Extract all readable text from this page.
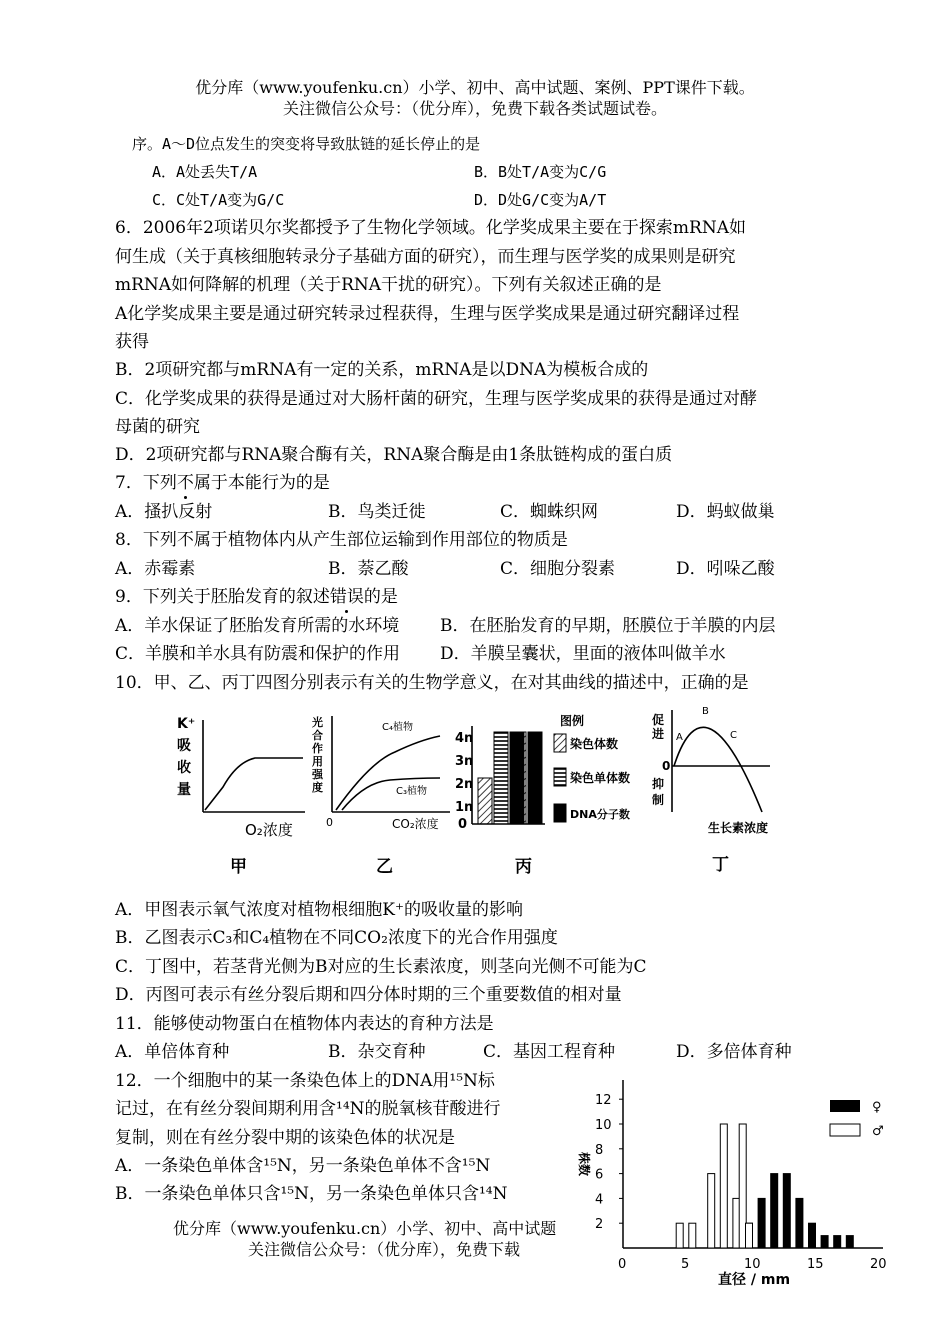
优分库（www.youfenku.cn）小学、初中、高中试题、案例、PPT课件下载。
关注微信公众号：（优分库），免费下载各类试题试卷。
序。A～D位点发生的突变将导致肽链的延长停止的是
A．A处丢失T/A	B．B处T/A变为C/G
C．C处T/A变为G/C	D．D处G/C变为A/T
6．2006年2项诺贝尔奖都授予了生物化学领域。化学奖成果主要在于探索mRNA如
何生成（关于真核细胞转录分子基础方面的研究），而生理与医学奖的成果则是研究
mRNA如何降解的机理（关于RNA干扰的研究）。下列有关叙述正确的是
A化学奖成果主要是通过研究转录过程获得，生理与医学奖成果是通过研究翻译过程
获得
B．2项研究都与mRNA有一定的关系，mRNA是以DNA为模板合成的
C．化学奖成果的获得是通过对大肠杆菌的研究，生理与医学奖成果的获得是通过对酵
母菌的研究
D．2项研究都与RNA聚合酶有关，RNA聚合酶是由1条肽链构成的蛋白质
7．下列不属于本能行为的是
A．搔扒反射	B．鸟类迁徙	C．蜘蛛织网	D．蚂蚁做巢
8．下列不属于植物体内从产生部位运输到作用部位的物质是
A．赤霉素	B．萘乙酸	C．细胞分裂素	D．吲哚乙酸
9．下列关于胚胎发育的叙述错误的是
A．羊水保证了胚胎发育所需的水环境 B．在胚胎发育的早期，胚膜位于羊膜的内层
C．羊膜和羊水具有防震和保护的作用 D．羊膜呈囊状，里面的液体叫做羊水
10．甲、乙、丙丁四图分别表示有关的生物学意义，在对其曲线的描述中，正确的是
K⁺
吸
收
量
O₂浓度
甲
光
合
作
用
强
度
C₄植物
C₃植物
0	CO₂浓度
乙
4n
3n
2n
1n
0
图例
染色体数
染色单体数
DNA分子数
丙
促
进
0
抑
制
A
B
C
生长素浓度
丁
A．甲图表示氧气浓度对植物根细胞K⁺的吸收量的影响
B．乙图表示C₃和C₄植物在不同CO₂浓度下的光合作用强度
C．丁图中，若茎背光侧为B对应的生长素浓度，则茎向光侧不可能为C
D．丙图可表示有丝分裂后期和四分体时期的三个重要数值的相对量
11．能够使动物蛋白在植物体内表达的育种方法是
A．单倍体育种	B．杂交育种	C．基因工程育种	D．多倍体育种
12．一个细胞中的某一条染色体上的DNA用¹⁵N标
记过，在有丝分裂间期利用含¹⁴N的脱氧核苷酸进行
复制，则在有丝分裂中期的该染色体的状况是
A．一条染色单体含¹⁵N，另一条染色单体不含¹⁵N
B．一条染色单体只含¹⁵N，另一条染色单体只含¹⁴N
株数
直径 / mm
♀
♂
2
4
6
8
10
12
0	5	10	15	20
优分库（www.youfenku.cn）小学、初中、高中试题
关注微信公众号：（优分库），免费下载
